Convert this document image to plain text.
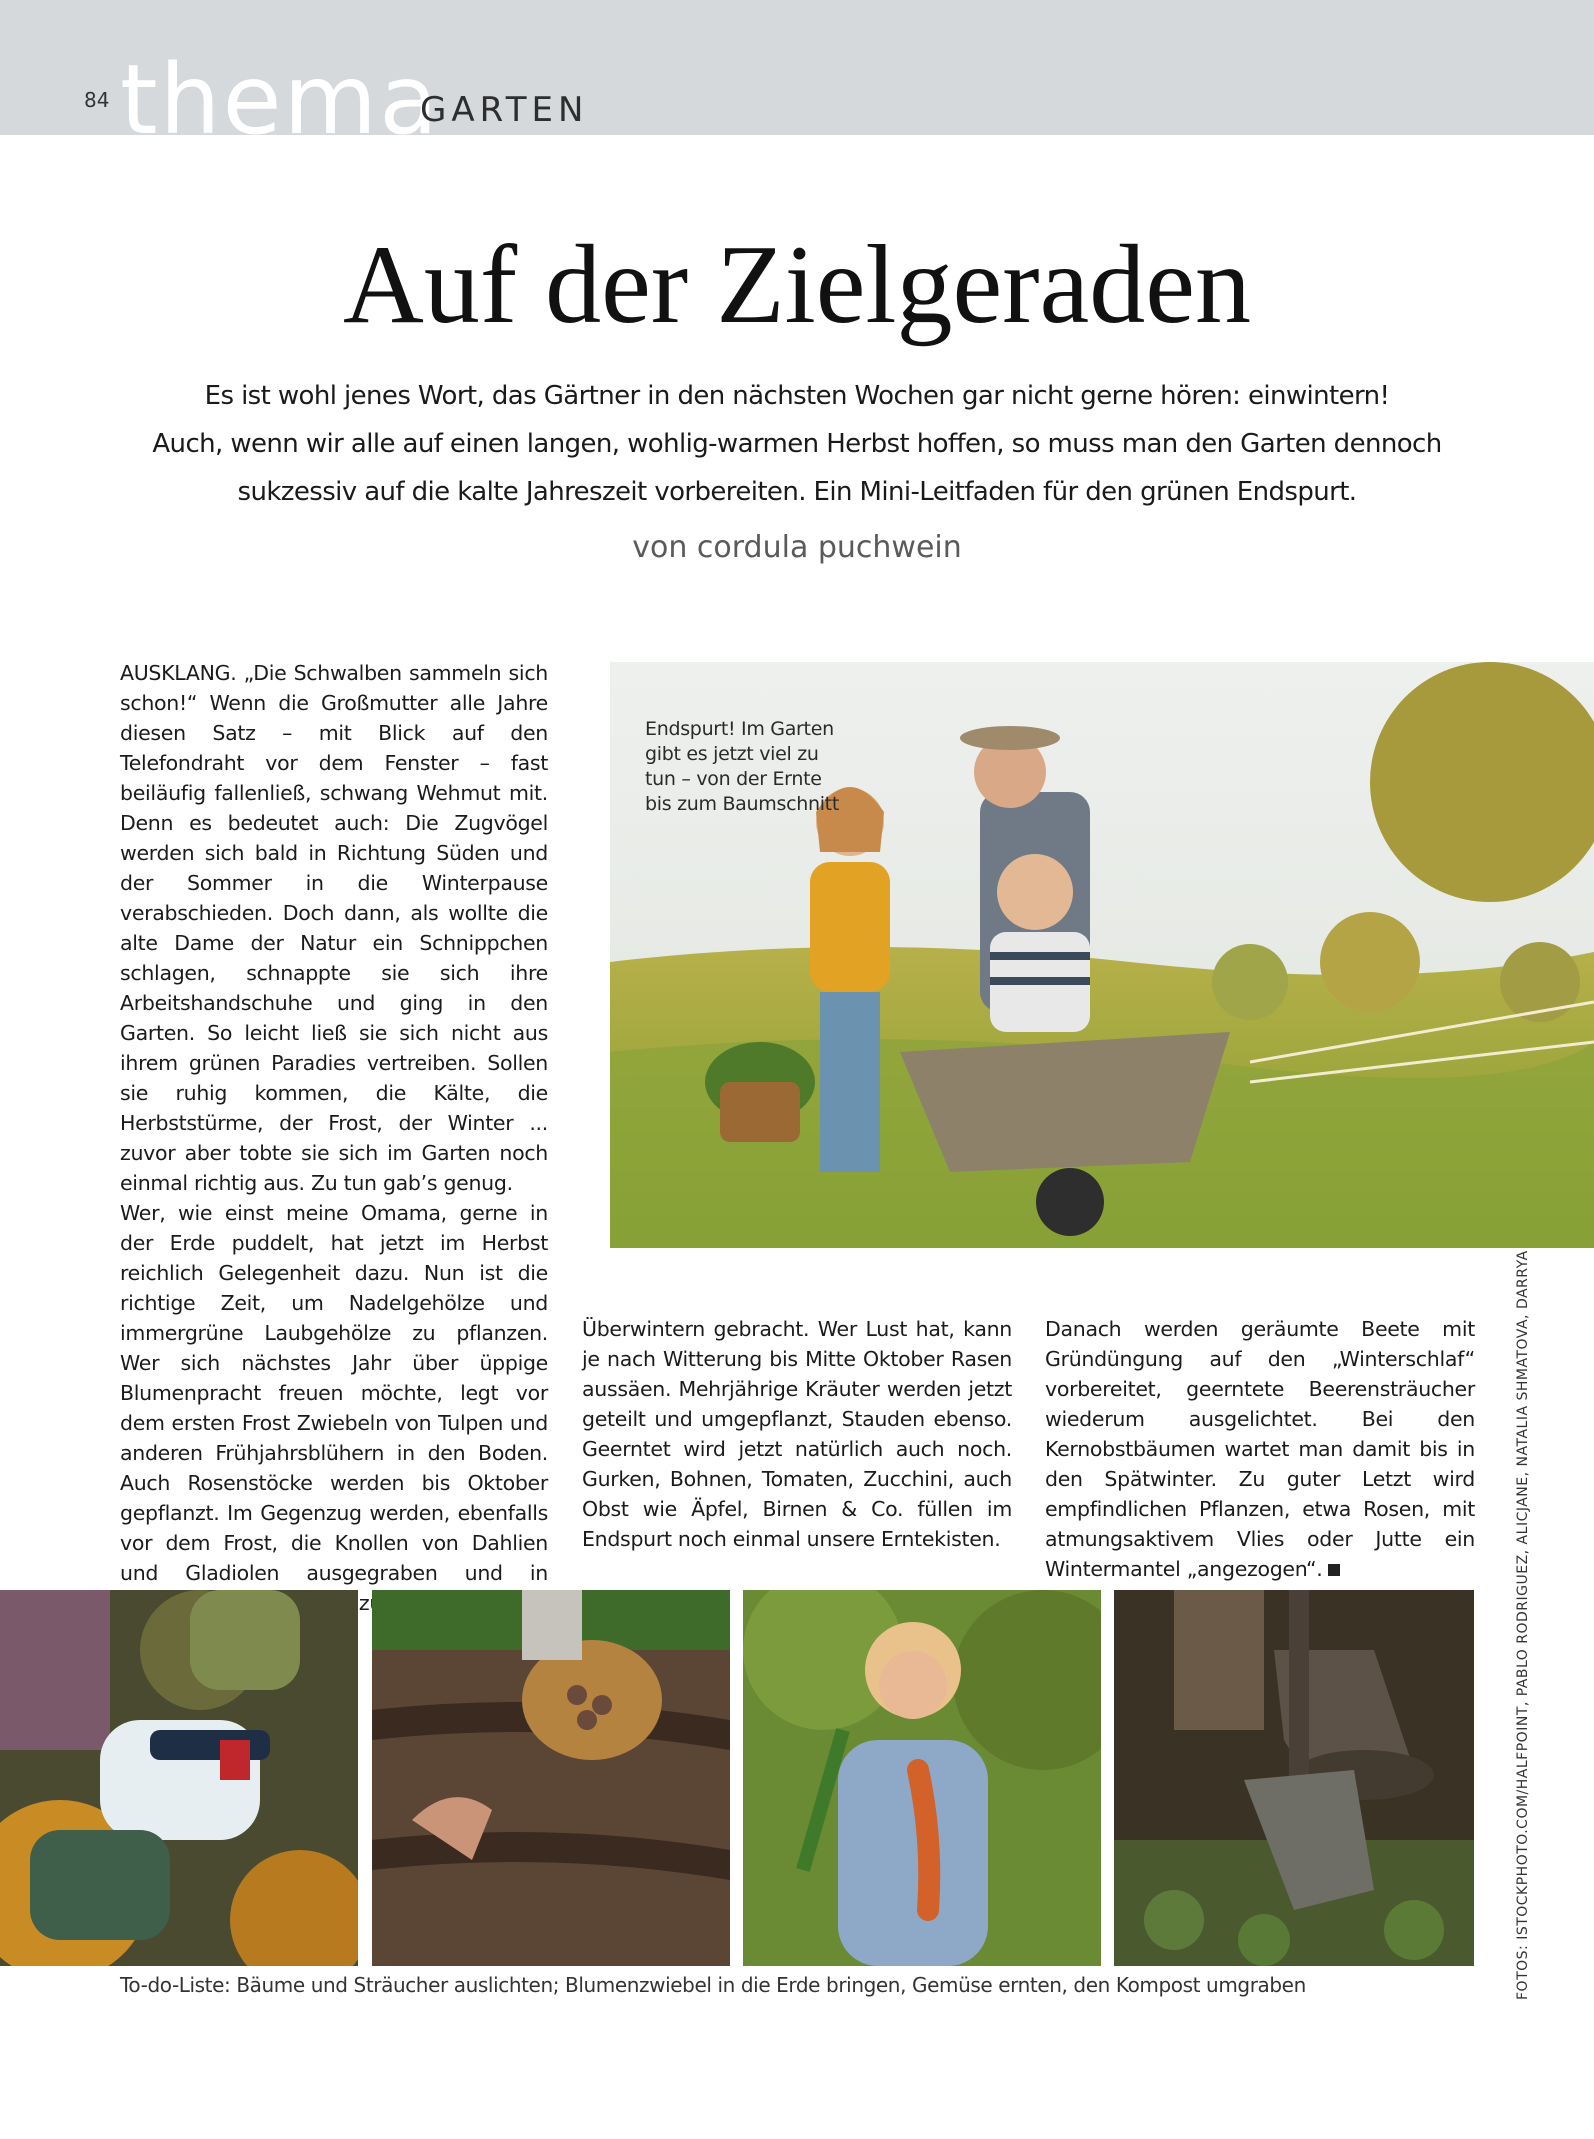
84 thema
GARTEN
Auf der Zielgeraden
Es ist wohl jenes Wort, das Gärtner in den nächsten Wochen gar nicht gerne hören: einwintern!
Auch, wenn wir alle auf einen langen, wohlig-warmen Herbst hoffen, so muss man den Garten dennoch
sukzessiv auf die kalte Jahreszeit vorbereiten. Ein Mini-Leitfaden für den grünen Endspurt.
von cordula puchwein
AUSKLANG. „Die Schwalben sammeln sich schon!“ Wenn die Großmutter alle Jahre diesen Satz – mit Blick auf den Telefondraht vor dem Fenster – fast beiläufig fallenließ, schwang Wehmut mit. Denn es bedeutet auch: Die Zugvögel werden sich bald in Richtung Süden und der Sommer in die Winterpause verabschieden. Doch dann, als wollte die alte Dame der Natur ein Schnippchen schlagen, schnappte sie sich ihre Arbeitshandschuhe und ging in den Garten. So leicht ließ sie sich nicht aus ihrem grünen Paradies vertreiben. Sollen sie ruhig kommen, die Kälte, die Herbststürme, der Frost, der Winter ... zuvor aber tobte sie sich im Garten noch einmal richtig aus. Zu tun gab’s genug.
Wer, wie einst meine Omama, gerne in der Erde puddelt, hat jetzt im Herbst reichlich Gelegenheit dazu. Nun ist die richtige Zeit, um Nadelgehölze und immergrüne Laubgehölze zu pflanzen. Wer sich nächstes Jahr über üppige Blumenpracht freuen möchte, legt vor dem ersten Frost Zwiebeln von Tulpen und anderen Frühjahrsblühern in den Boden. Auch Rosenstöcke werden bis Oktober gepflanzt. Im Gegenzug werden, ebenfalls vor dem Frost, die Knollen von Dahlien und Gladiolen ausgegraben und in
Endspurt! Im Garten gibt es jetzt viel zu tun – von der Ernte bis zum Baumschnitt
Überwintern gebracht. Wer Lust hat, kann je nach Witterung bis Mitte Oktober Rasen aussäen. Mehrjährige Kräuter werden jetzt geteilt und umgepflanzt, Stauden ebenso. Geerntet wird jetzt natürlich auch noch. Gurken, Bohnen, Tomaten, Zucchini, auch Obst wie Äpfel, Birnen & Co. füllen im Endspurt noch einmal unsere Erntekisten.
Danach werden geräumte Beete mit Gründüngung auf den „Winterschlaf“ vorbereitet, geerntete Beerensträucher wiederum ausgelichtet. Bei den Kernobstbäumen wartet man damit bis in den Spätwinter. Zu guter Letzt wird empfindlichen Pflanzen, etwa Rosen, mit atmungsaktivem Vlies oder Jutte ein Wintermantel „angezogen“.
To-do-Liste: Bäume und Sträucher auslichten; Blumenzwiebel in die Erde bringen, Gemüse ernten, den Kompost umgraben	FOTOS: ISTOCKPHOTO.COM/HALFPOINT, PABLO RODRIGUEZ, ALICJANE, NATALIA SHMATOVA, DARRYA
